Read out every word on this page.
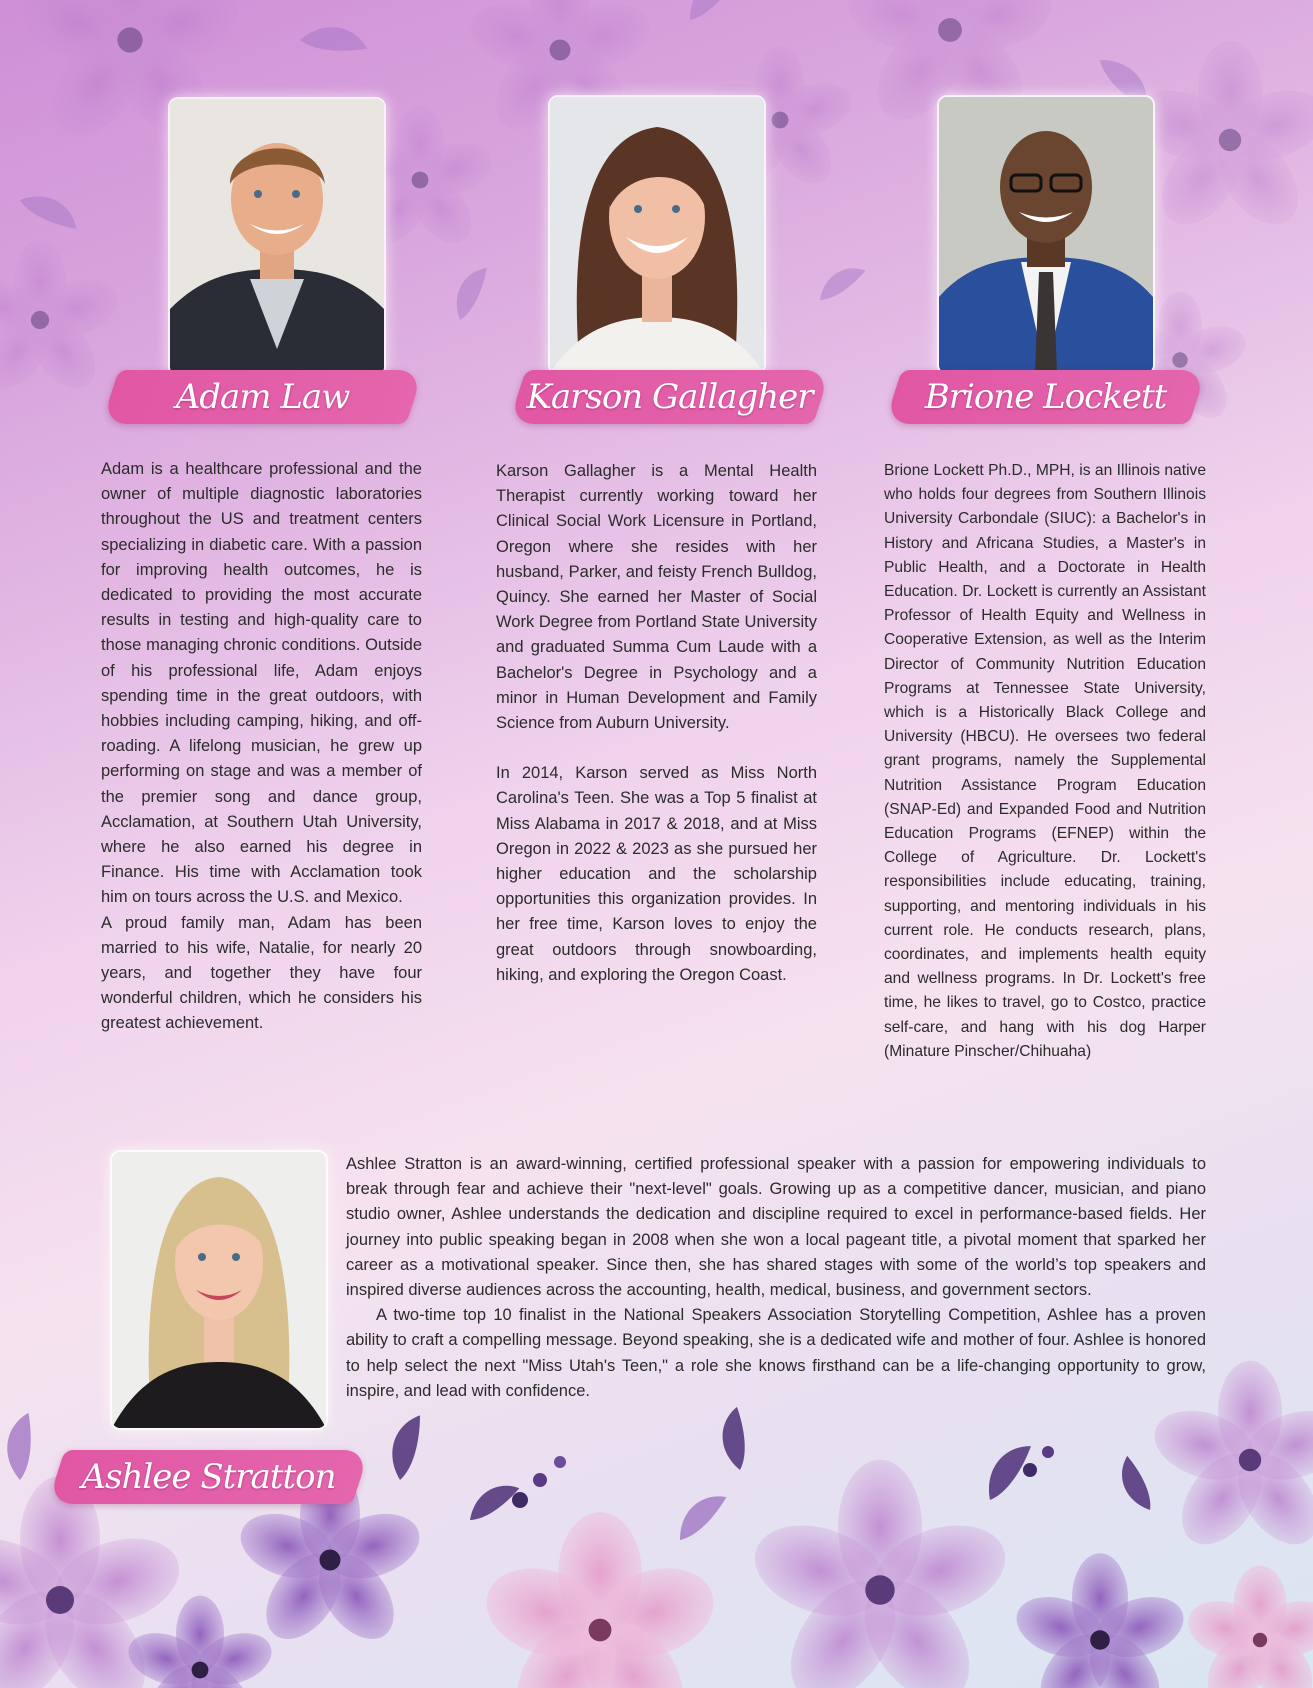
Adam Law	Karson Gallagher	Brione Lockett

Adam is a healthcare professional and the owner of multiple diagnostic laboratories throughout the US and treatment centers specializing in diabetic care. With a passion for improving health outcomes, he is dedicated to providing the most accurate results in testing and high-quality care to those managing chronic conditions. Outside of his professional life, Adam enjoys spending time in the great outdoors, with hobbies including camping, hiking, and off-roading. A lifelong musician, he grew up performing on stage and was a member of the premier song and dance group, Acclamation, at Southern Utah University, where he also earned his degree in Finance. His time with Acclamation took him on tours across the U.S. and Mexico.

A proud family man, Adam has been married to his wife, Natalie, for nearly 20 years, and together they have four wonderful children, which he considers his greatest achievement.

Karson Gallagher is a Mental Health Therapist currently working toward her Clinical Social Work Licensure in Portland, Oregon where she resides with her husband, Parker, and feisty French Bulldog, Quincy. She earned her Master of Social Work Degree from Portland State University and graduated Summa Cum Laude with a Bachelor's Degree in Psychology and a minor in Human Development and Family Science from Auburn University.

In 2014, Karson served as Miss North Carolina's Teen. She was a Top 5 finalist at Miss Alabama in 2017 & 2018, and at Miss Oregon in 2022 & 2023 as she pursued her higher education and the scholarship opportunities this organization provides. In her free time, Karson loves to enjoy the great outdoors through snowboarding, hiking, and exploring the Oregon Coast.

Brione Lockett Ph.D., MPH, is an Illinois native who holds four degrees from Southern Illinois University Carbondale (SIUC): a Bachelor's in History and Africana Studies, a Master's in Public Health, and a Doctorate in Health Education. Dr. Lockett is currently an Assistant Professor of Health Equity and Wellness in Cooperative Extension, as well as the Interim Director of Community Nutrition Education Programs at Tennessee State University, which is a Historically Black College and University (HBCU). He oversees two federal grant programs, namely the Supplemental Nutrition Assistance Program Education (SNAP-Ed) and Expanded Food and Nutrition Education Programs (EFNEP) within the College of Agriculture. Dr. Lockett's responsibilities include educating, training, supporting, and mentoring individuals in his current role. He conducts research, plans, coordinates, and implements health equity and wellness programs. In Dr. Lockett's free time, he likes to travel, go to Costco, practice self-care, and hang with his dog Harper (Minature Pinscher/Chihuaha)

Ashlee Stratton

Ashlee Stratton is an award-winning, certified professional speaker with a passion for empowering individuals to break through fear and achieve their "next-level" goals. Growing up as a competitive dancer, musician, and piano studio owner, Ashlee understands the dedication and discipline required to excel in performance-based fields. Her journey into public speaking began in 2008 when she won a local pageant title, a pivotal moment that sparked her career as a motivational speaker. Since then, she has shared stages with some of the world’s top speakers and inspired diverse audiences across the accounting, health, medical, business, and government sectors.

A two-time top 10 finalist in the National Speakers Association Storytelling Competition, Ashlee has a proven ability to craft a compelling message. Beyond speaking, she is a dedicated wife and mother of four. Ashlee is honored to help select the next "Miss Utah's Teen," a role she knows firsthand can be a life-changing opportunity to grow, inspire, and lead with confidence.
